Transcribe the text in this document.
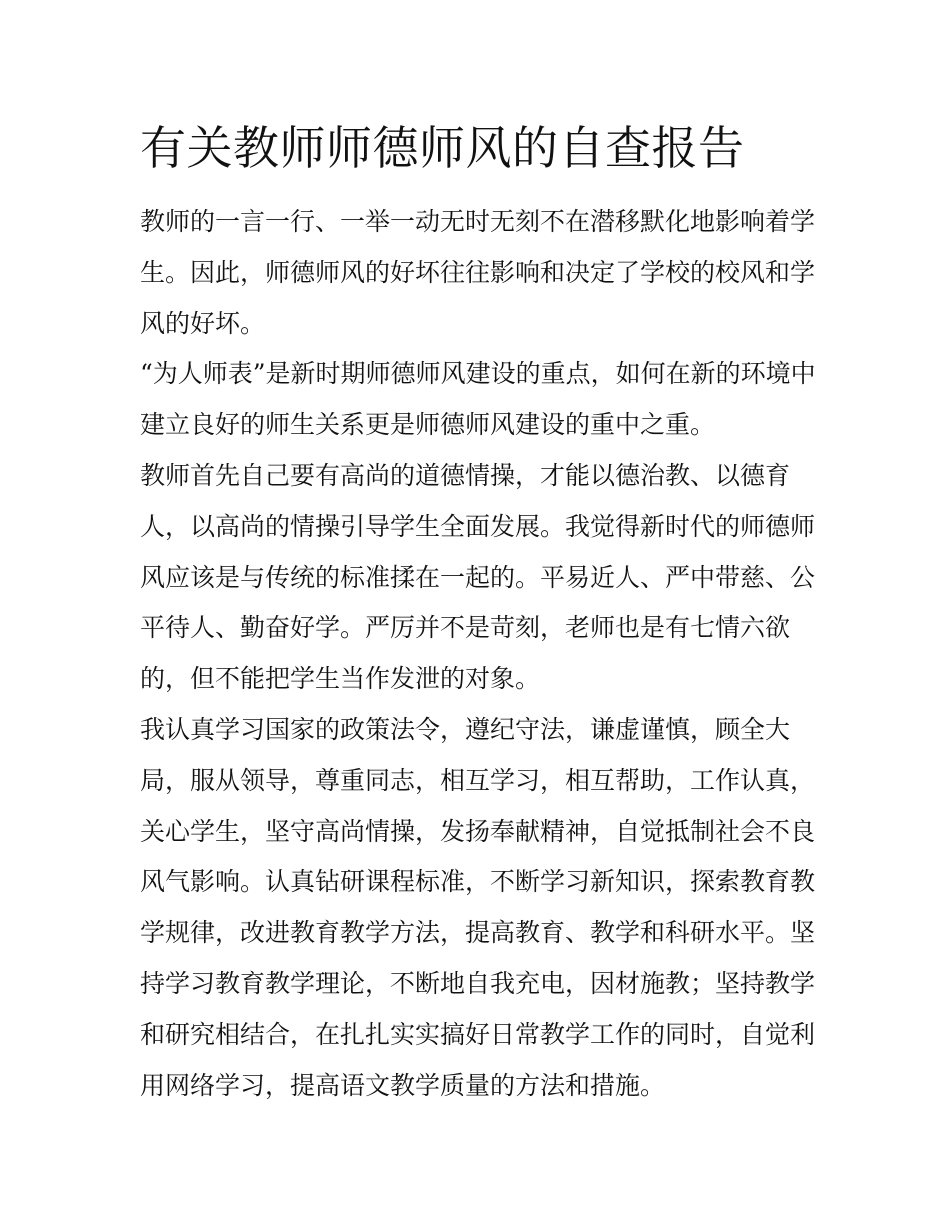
有关教师师德师风的自查报告
教师的一言一行、一举一动无时无刻不在潜移默化地影响着学
生。因此，师德师风的好坏往往影响和决定了学校的校风和学
风的好坏。
“为人师表”是新时期师德师风建设的重点，如何在新的环境中
建立良好的师生关系更是师德师风建设的重中之重。
教师首先自己要有高尚的道德情操，才能以德治教、以德育
人，以高尚的情操引导学生全面发展。我觉得新时代的师德师
风应该是与传统的标准揉在一起的。平易近人、严中带慈、公
平待人、勤奋好学。严厉并不是苛刻，老师也是有七情六欲
的，但不能把学生当作发泄的对象。
我认真学习国家的政策法令，遵纪守法，谦虚谨慎，顾全大
局，服从领导，尊重同志，相互学习，相互帮助，工作认真，
关心学生，坚守高尚情操，发扬奉献精神，自觉抵制社会不良
风气影响。认真钻研课程标准，不断学习新知识，探索教育教
学规律，改进教育教学方法，提高教育、教学和科研水平。坚
持学习教育教学理论，不断地自我充电，因材施教；坚持教学
和研究相结合，在扎扎实实搞好日常教学工作的同时，自觉利
用网络学习，提高语文教学质量的方法和措施。
